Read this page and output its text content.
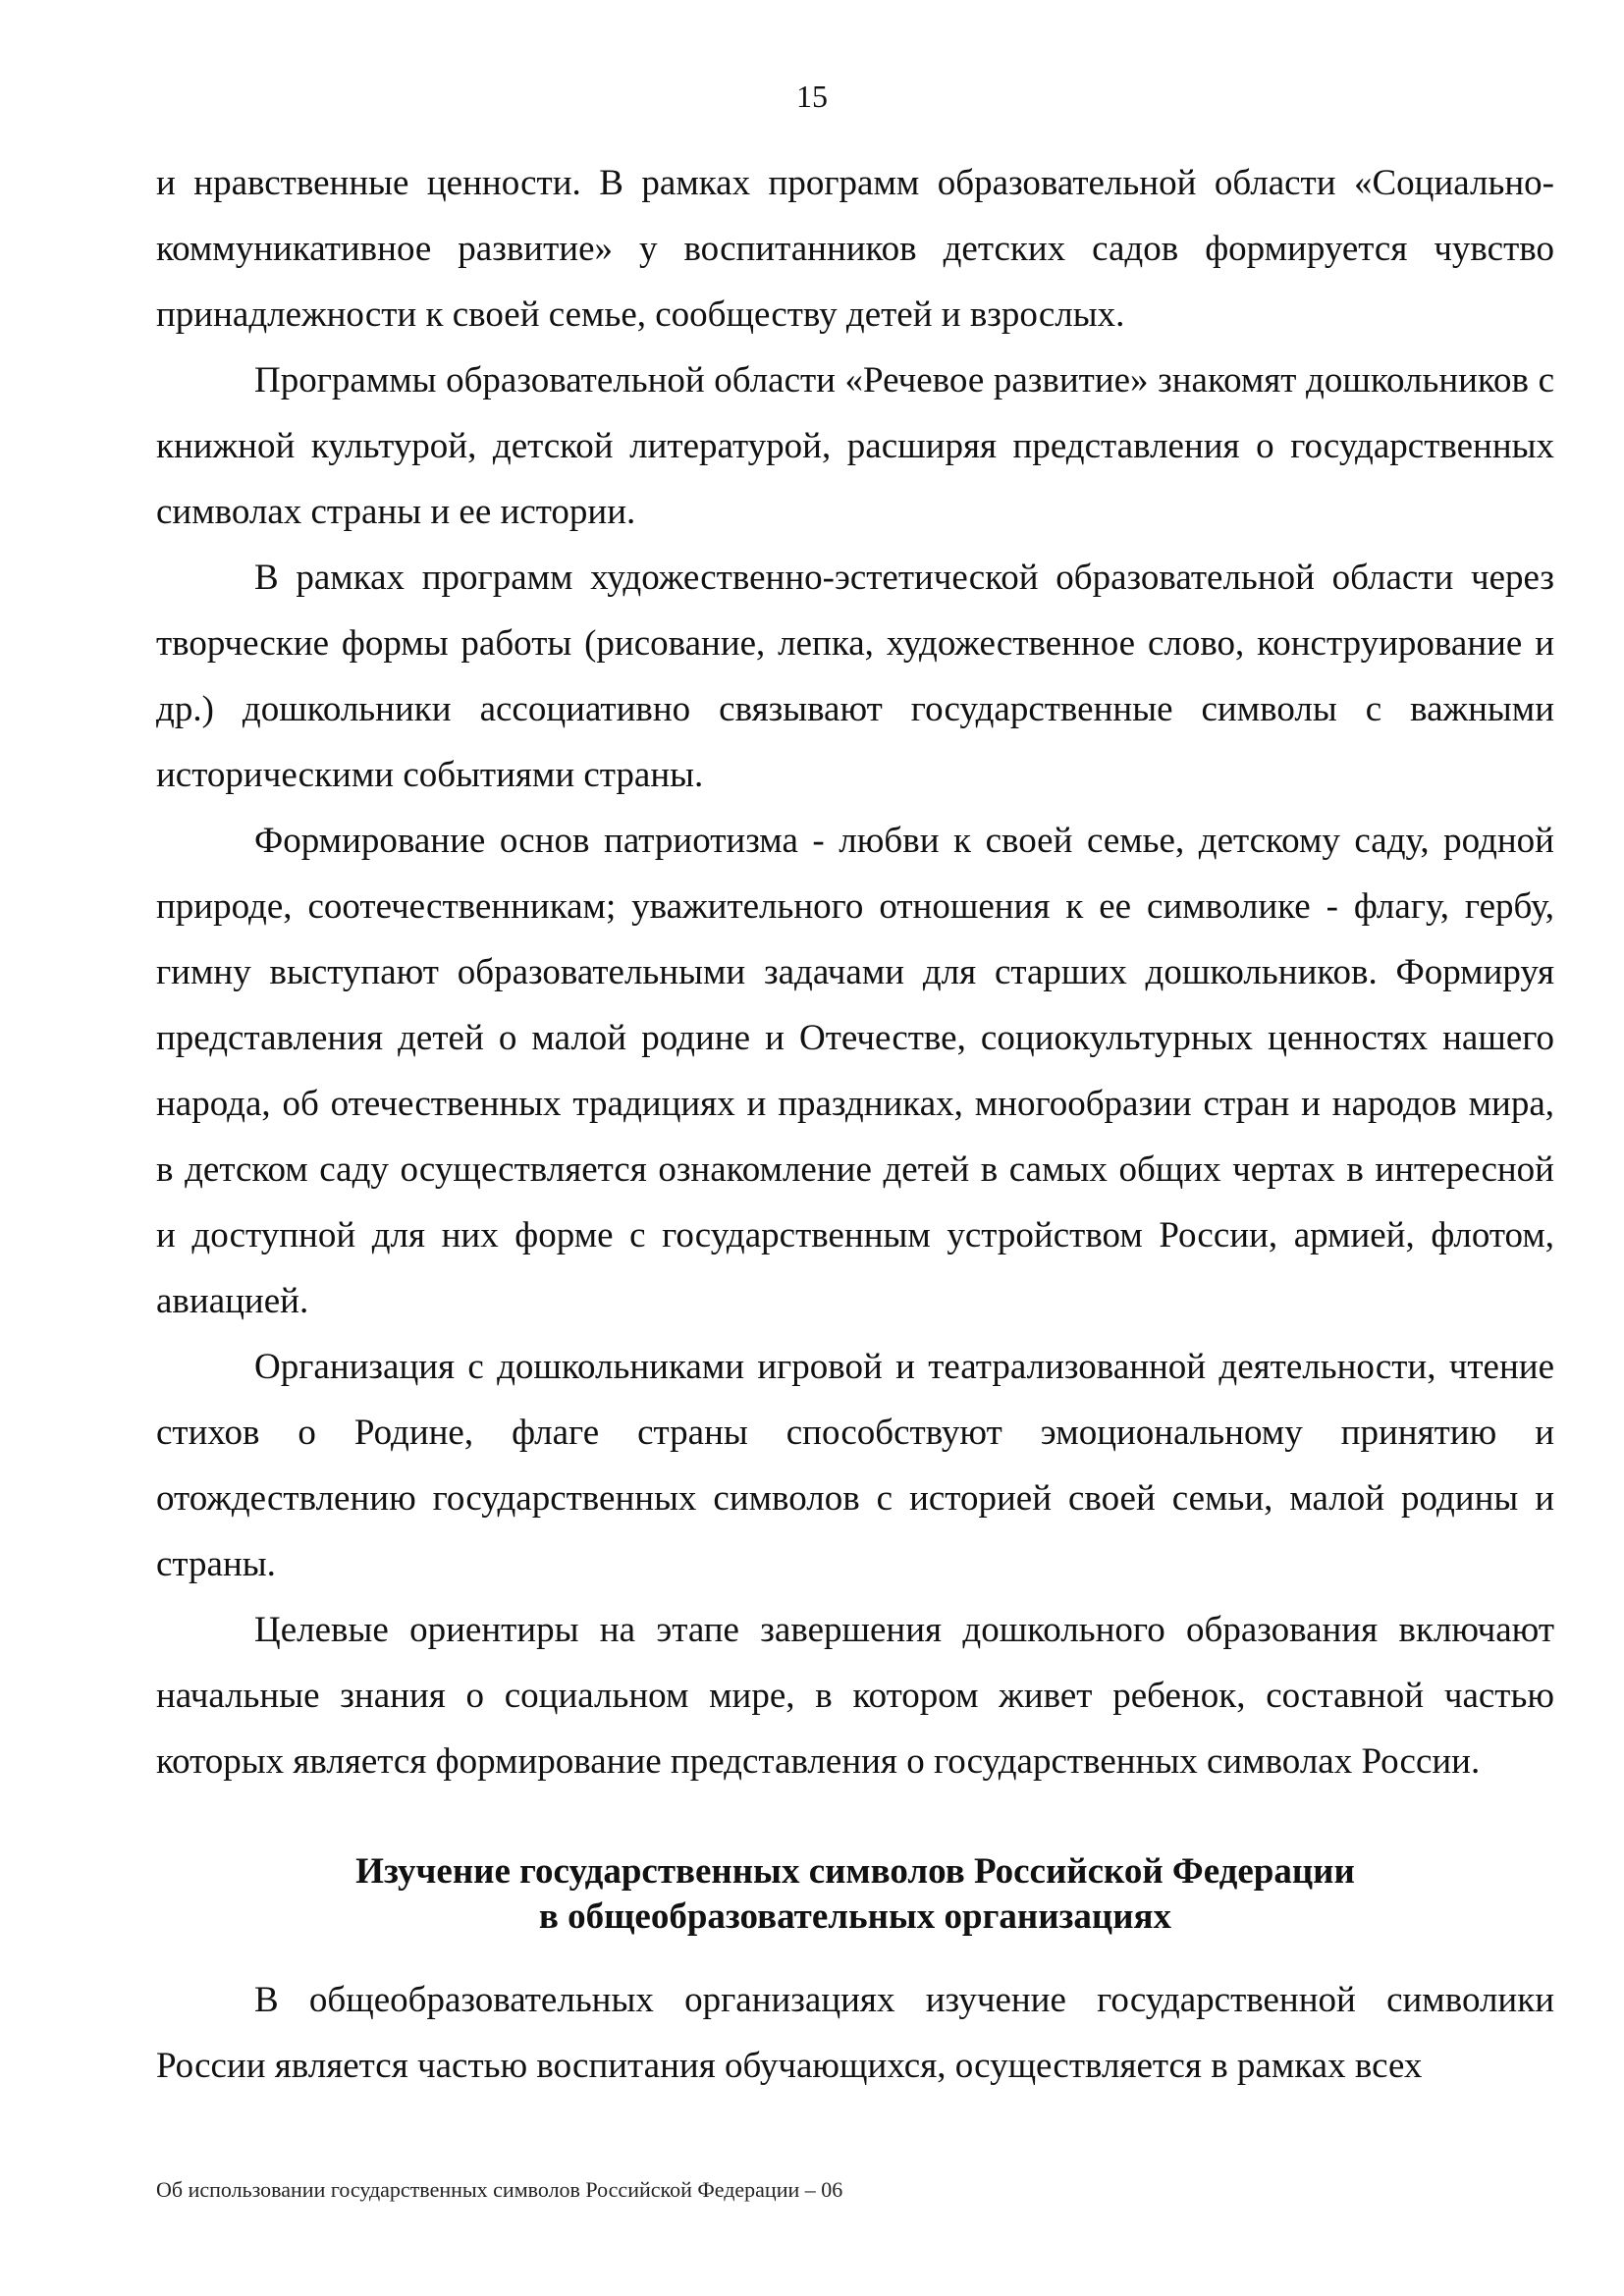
15

и нравственные ценности. В рамках программ образовательной области «Социально-коммуникативное развитие» у воспитанников детских садов формируется чувство принадлежности к своей семье, сообществу детей и взрослых.

Программы образовательной области «Речевое развитие» знакомят дошкольников с книжной культурой, детской литературой, расширяя представления о государственных символах страны и ее истории.

В рамках программ художественно-эстетической образовательной области через творческие формы работы (рисование, лепка, художественное слово, конструирование и др.) дошкольники ассоциативно связывают государственные символы с важными историческими событиями страны.

Формирование основ патриотизма - любви к своей семье, детскому саду, родной природе, соотечественникам; уважительного отношения к ее символике - флагу, гербу, гимну выступают образовательными задачами для старших дошкольников. Формируя представления детей о малой родине и Отечестве, социокультурных ценностях нашего народа, об отечественных традициях и праздниках, многообразии стран и народов мира, в детском саду осуществляется ознакомление детей в самых общих чертах в интересной и доступной для них форме с государственным устройством России, армией, флотом, авиацией.

Организация с дошкольниками игровой и театрализованной деятельности, чтение стихов о Родине, флаге страны способствуют эмоциональному принятию и отождествлению государственных символов с историей своей семьи, малой родины и страны.

Целевые ориентиры на этапе завершения дошкольного образования включают начальные знания о социальном мире, в котором живет ребенок, составной частью которых является формирование представления о государственных символах России.

Изучение государственных символов Российской Федерации
в общеобразовательных организациях

В общеобразовательных организациях изучение государственной символики России является частью воспитания обучающихся, осуществляется в рамках всех

Об использовании государственных символов Российской Федерации – 06
